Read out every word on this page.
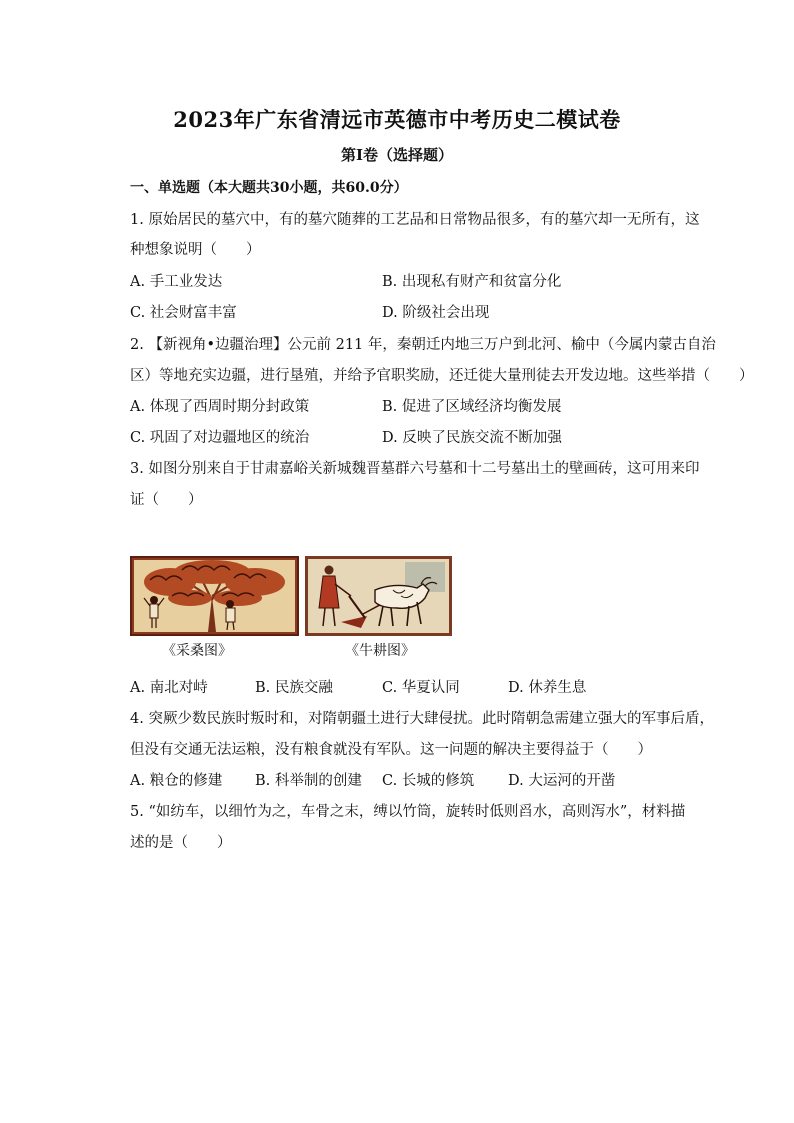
2023年广东省清远市英德市中考历史二模试卷
第I卷（选择题）
一、单选题（本大题共30小题，共60.0分）
1. 原始居民的墓穴中，有的墓穴随葬的工艺品和日常物品很多，有的墓穴却一无所有，这
种想象说明（　　）
A. 手工业发达	B. 出现私有财产和贫富分化
C. 社会财富丰富	D. 阶级社会出现
2. 【新视角•边疆治理】公元前 211 年，秦朝迁内地三万户到北河、榆中（今属内蒙古自治
区）等地充实边疆，进行垦殖，并给予官职奖励，还迁徙大量刑徒去开发边地。这些举措（　　）
A. 体现了西周时期分封政策	B. 促进了区域经济均衡发展
C. 巩固了对边疆地区的统治	D. 反映了民族交流不断加强
3. 如图分别来自于甘肃嘉峪关新城魏晋墓群六号墓和十二号墓出土的壁画砖，这可用来印
证（　　）
《采桑图》	《牛耕图》
A. 南北对峙	B. 民族交融	C. 华夏认同	D. 休养生息
4. 突厥少数民族时叛时和，对隋朝疆土进行大肆侵扰。此时隋朝急需建立强大的军事后盾，
但没有交通无法运粮，没有粮食就没有军队。这一问题的解决主要得益于（　　）
A. 粮仓的修建 B. 科举制的创建 C. 长城的修筑 D. 大运河的开凿
5. “如纺车，以细竹为之，车骨之末，缚以竹筒，旋转时低则舀水，高则泻水”，材料描
述的是（　　）
